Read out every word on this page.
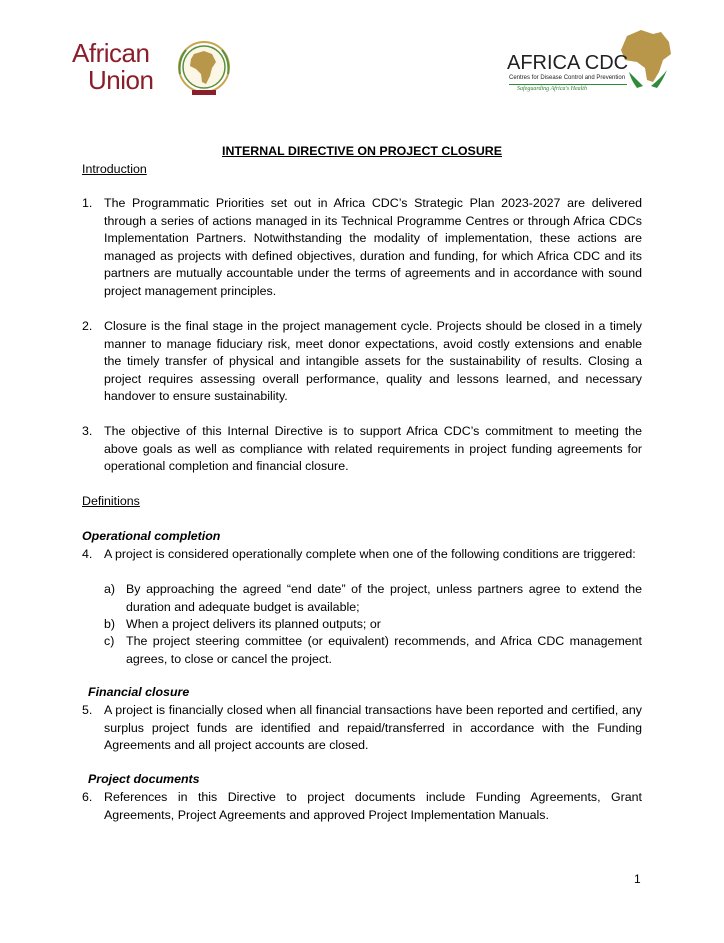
African
Union
AFRICA CDC
Centres for Disease Control and Prevention
Safeguarding Africa's Health
INTERNAL DIRECTIVE ON PROJECT CLOSURE
Introduction
1. The Programmatic Priorities set out in Africa CDC’s Strategic Plan 2023-2027 are delivered through a series of actions managed in its Technical Programme Centres or through Africa CDCs Implementation Partners. Notwithstanding the modality of implementation, these actions are managed as projects with defined objectives, duration and funding, for which Africa CDC and its partners are mutually accountable under the terms of agreements and in accordance with sound project management principles.
2. Closure is the final stage in the project management cycle. Projects should be closed in a timely manner to manage fiduciary risk, meet donor expectations, avoid costly extensions and enable the timely transfer of physical and intangible assets for the sustainability of results. Closing a project requires assessing overall performance, quality and lessons learned, and necessary handover to ensure sustainability.
3. The objective of this Internal Directive is to support Africa CDC’s commitment to meeting the above goals as well as compliance with related requirements in project funding agreements for operational completion and financial closure.
Definitions
Operational completion
4. A project is considered operationally complete when one of the following conditions are triggered:
a) By approaching the agreed “end date” of the project, unless partners agree to extend the duration and adequate budget is available;
b) When a project delivers its planned outputs; or
c) The project steering committee (or equivalent) recommends, and Africa CDC management agrees, to close or cancel the project.
Financial closure
5. A project is financially closed when all financial transactions have been reported and certified, any surplus project funds are identified and repaid/transferred in accordance with the Funding Agreements and all project accounts are closed.
Project documents
6. References in this Directive to project documents include Funding Agreements, Grant Agreements, Project Agreements and approved Project Implementation Manuals.
1
